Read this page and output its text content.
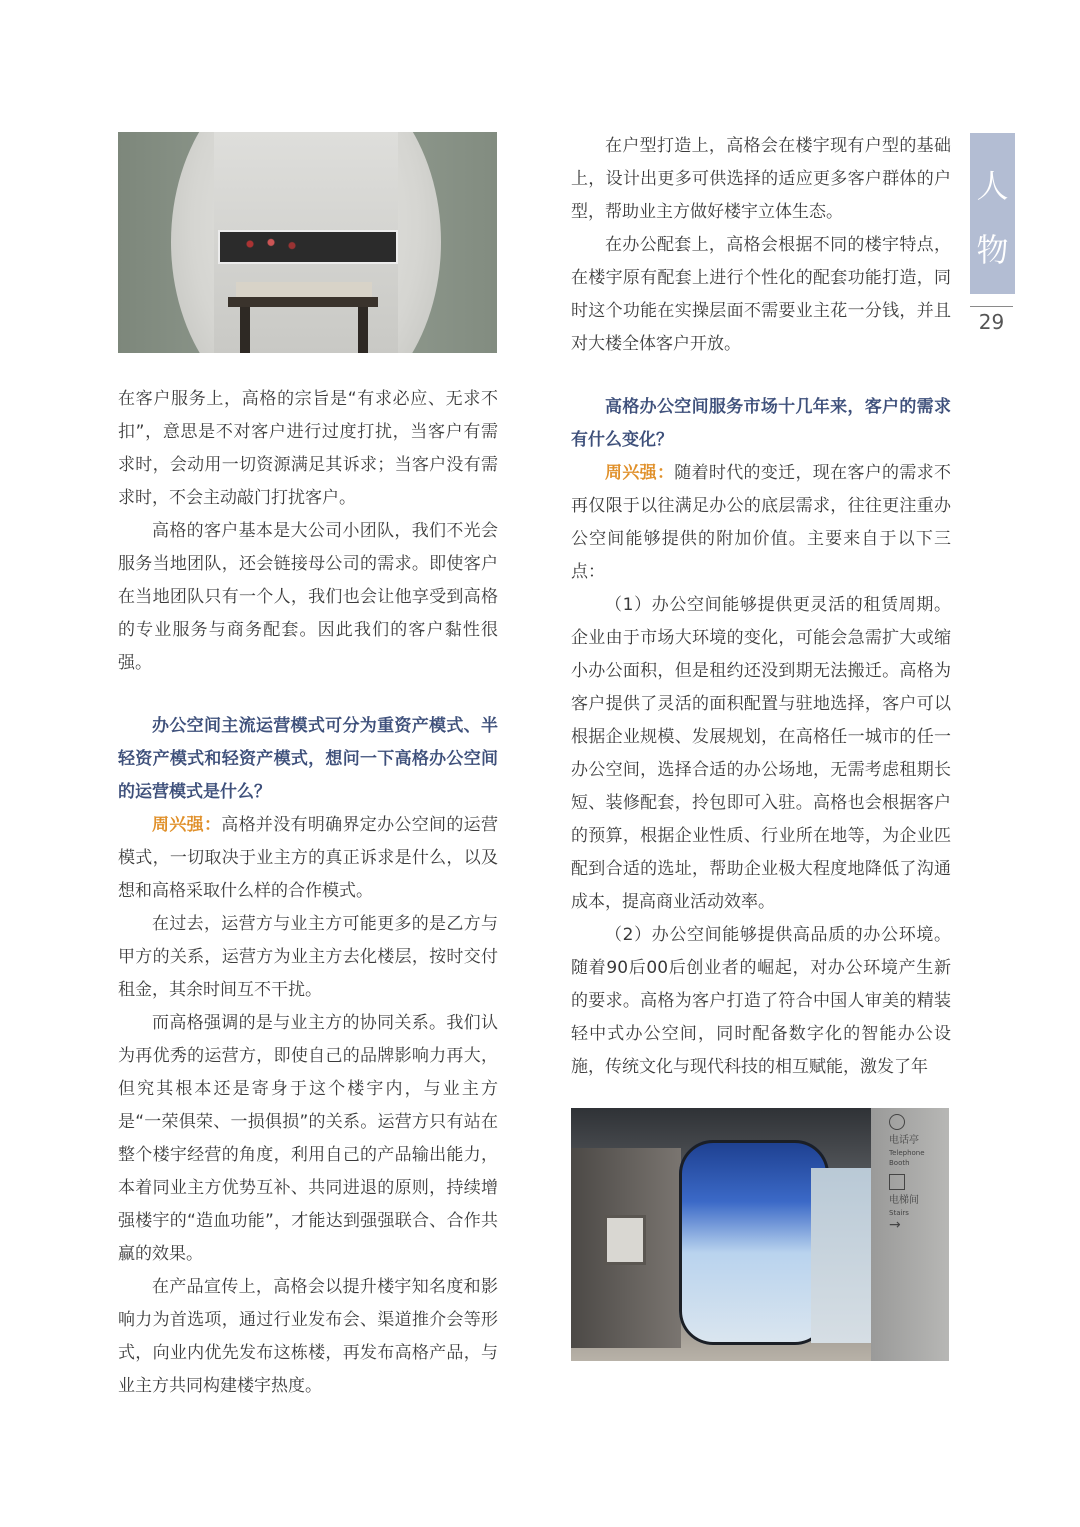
在客户服务上，高格的宗旨是“有求必应、无求不扣”，意思是不对客户进行过度打扰，当客户有需求时，会动用一切资源满足其诉求；当客户没有需求时，不会主动敲门打扰客户。

高格的客户基本是大公司小团队，我们不光会服务当地团队，还会链接母公司的需求。即使客户在当地团队只有一个人，我们也会让他享受到高格的专业服务与商务配套。因此我们的客户黏性很强。

办公空间主流运营模式可分为重资产模式、半轻资产模式和轻资产模式，想问一下高格办公空间的运营模式是什么？

周兴强：高格并没有明确界定办公空间的运营模式，一切取决于业主方的真正诉求是什么，以及想和高格采取什么样的合作模式。

在过去，运营方与业主方可能更多的是乙方与甲方的关系，运营方为业主方去化楼层，按时交付租金，其余时间互不干扰。

而高格强调的是与业主方的协同关系。我们认为再优秀的运营方，即使自己的品牌影响力再大，但究其根本还是寄身于这个楼宇内，与业主方是“一荣俱荣、一损俱损”的关系。运营方只有站在整个楼宇经营的角度，利用自己的产品输出能力，本着同业主方优势互补、共同进退的原则，持续增强楼宇的“造血功能”，才能达到强强联合、合作共赢的效果。

在产品宣传上，高格会以提升楼宇知名度和影响力为首选项，通过行业发布会、渠道推介会等形式，向业内优先发布这栋楼，再发布高格产品，与业主方共同构建楼宇热度。

在户型打造上，高格会在楼宇现有户型的基础上，设计出更多可供选择的适应更多客户群体的户型，帮助业主方做好楼宇立体生态。

在办公配套上，高格会根据不同的楼宇特点，在楼宇原有配套上进行个性化的配套功能打造，同时这个功能在实操层面不需要业主花一分钱，并且对大楼全体客户开放。

高格办公空间服务市场十几年来，客户的需求有什么变化？

周兴强：随着时代的变迁，现在客户的需求不再仅限于以往满足办公的底层需求，往往更注重办公空间能够提供的附加价值。主要来自于以下三点：

（1）办公空间能够提供更灵活的租赁周期。企业由于市场大环境的变化，可能会急需扩大或缩小办公面积，但是租约还没到期无法搬迁。高格为客户提供了灵活的面积配置与驻地选择，客户可以根据企业规模、发展规划，在高格任一城市的任一办公空间，选择合适的办公场地，无需考虑租期长短、装修配套，拎包即可入驻。高格也会根据客户的预算，根据企业性质、行业所在地等，为企业匹配到合适的选址，帮助企业极大程度地降低了沟通成本，提高商业活动效率。

（2）办公空间能够提供高品质的办公环境。随着90后00后创业者的崛起，对办公环境产生新的要求。高格为客户打造了符合中国人审美的精装轻中式办公空间，同时配备数字化的智能办公设施，传统文化与现代科技的相互赋能，激发了年

电话亭
Telephone Booth
电梯间
Stairs
→
人
物
29
